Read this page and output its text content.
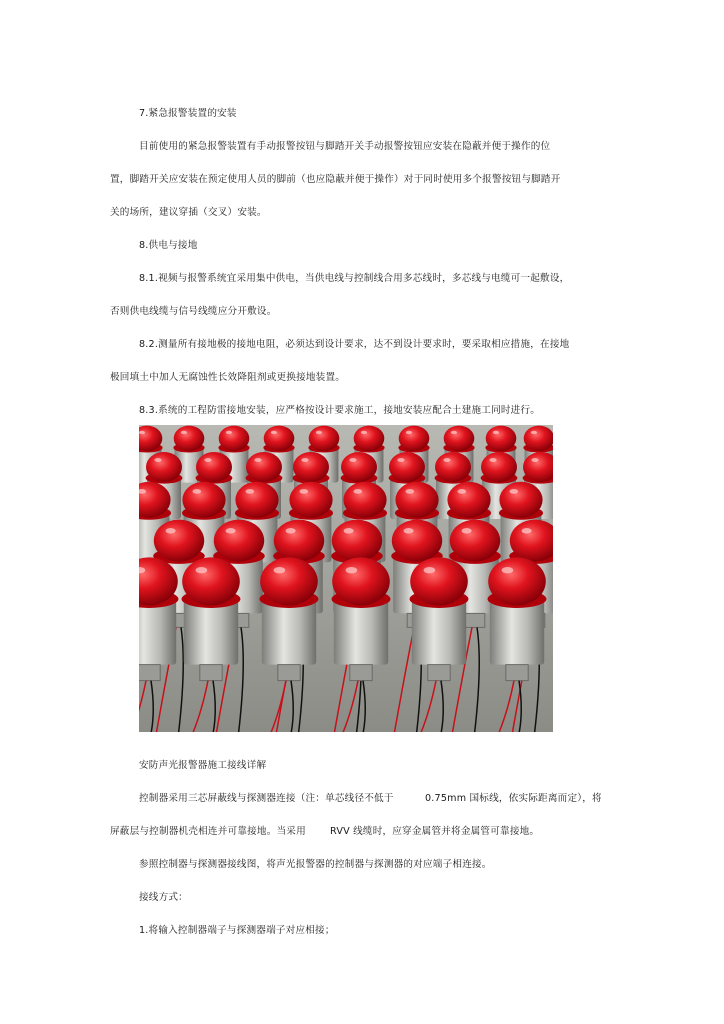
7.紧急报警装置的安装
目前使用的紧急报警装置有手动报警按钮与脚踏开关手动报警按钮应安装在隐蔽并便于操作的位
置，脚踏开关应安装在预定使用人员的脚前（也应隐蔽并便于操作）对于同时使用多个报警按钮与脚踏开
关的场所，建议穿插（交叉）安装。
8.供电与接地
8.1.视频与报警系统宜采用集中供电，当供电线与控制线合用多芯线时，多芯线与电缆可一起敷设，
否则供电线缆与信号线缆应分开敷设。
8.2.测量所有接地极的接地电阻，必须达到设计要求，达不到设计要求时，要采取相应措施，在接地
极回填土中加人无腐蚀性长效降阻剂或更换接地装置。
8.3.系统的工程防雷接地安装，应严格按设计要求施工，接地安装应配合土建施工同时进行。
安防声光报警器施工接线详解
控制器采用三芯屏蔽线与探测器连接（注：单芯线径不低于	0.75mm 国标线，依实际距离而定），将
屏蔽层与控制器机壳相连并可靠接地。当采用	RVV 线缆时，应穿金属管并将金属管可靠接地。
参照控制器与探测器接线图，将声光报警器的控制器与探测器的对应端子相连接。
接线方式：
1.将输入控制器端子与探测器端子对应相接；
